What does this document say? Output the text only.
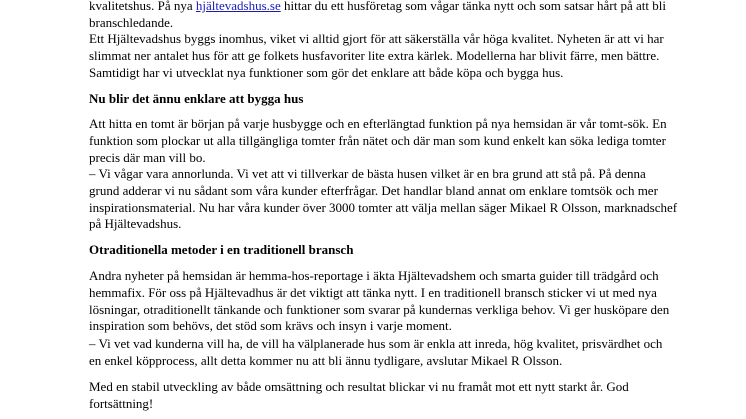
kvalitetshus. På nya hjältevadshus.se hittar du ett husföretag som vågar tänka nytt och som satsar hårt på att bli
branschledande.

Ett Hjältevadshus byggs inomhus, viket vi alltid gjort för att säkerställa vår höga kvalitet. Nyheten är att vi har
slimmat ner antalet hus för att ge folkets husfavoriter lite extra kärlek. Modellerna har blivit färre, men bättre.
Samtidigt har vi utvecklat nya funktioner som gör det enklare att både köpa och bygga hus.

Nu blir det ännu enklare att bygga hus

Att hitta en tomt är början på varje husbygge och en efterlängtad funktion på nya hemsidan är vår tomt-sök. En
funktion som plockar ut alla tillgängliga tomter från nätet och där man som kund enkelt kan söka lediga tomter
precis där man vill bo.

– Vi vågar vara annorlunda. Vi vet att vi tillverkar de bästa husen vilket är en bra grund att stå på. På denna
grund adderar vi nu sådant som våra kunder efterfrågar. Det handlar bland annat om enklare tomtsök och mer
inspirationsmaterial. Nu har våra kunder över 3000 tomter att välja mellan säger Mikael R Olsson, marknadschef
på Hjältevadshus.

Otraditionella metoder i en traditionell bransch

Andra nyheter på hemsidan är hemma-hos-reportage i äkta Hjältevadshem och smarta guider till trädgård och
hemmafix. För oss på Hjältevadhus är det viktigt att tänka nytt. I en traditionell bransch sticker vi ut med nya
lösningar, otraditionellt tänkande och funktioner som svarar på kundernas verkliga behov. Vi ger husköpare den
inspiration som behövs, det stöd som krävs och insyn i varje moment.

– Vi vet vad kunderna vill ha, de vill ha välplanerade hus som är enkla att inreda, hög kvalitet, prisvärdhet och
en enkel köpprocess, allt detta kommer nu att bli ännu tydligare, avslutar Mikael R Olsson.

Med en stabil utveckling av både omsättning och resultat blickar vi nu framåt mot ett nytt starkt år. God
fortsättning!
